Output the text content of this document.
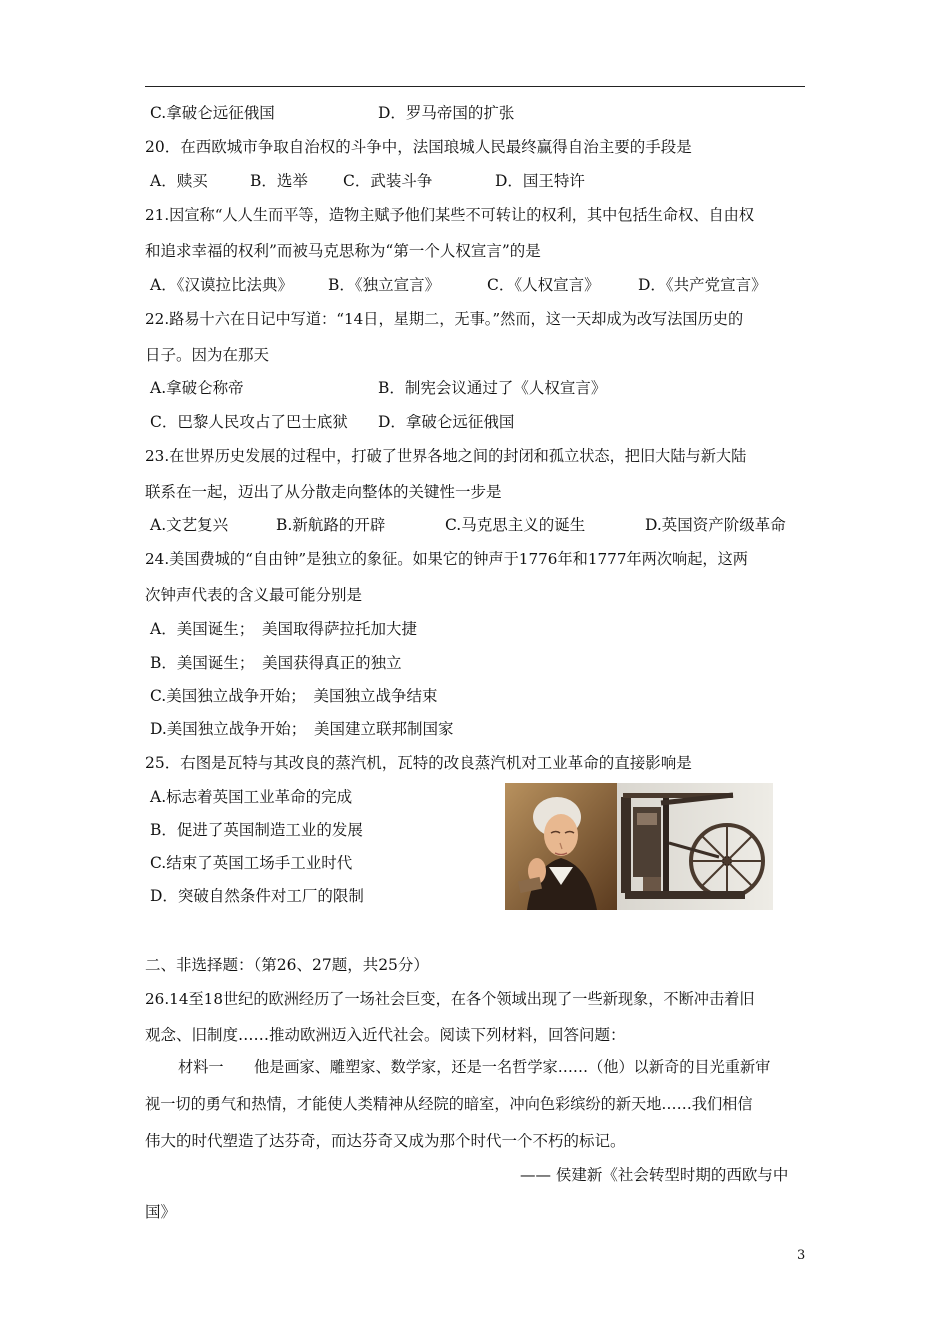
C.拿破仑远征俄国	D．罗马帝国的扩张
20．在西欧城市争取自治权的斗争中，法国琅城人民最终赢得自治主要的手段是
A．赎买	B．选举 C．武装斗争	D．国王特许
21.因宣称“人人生而平等，造物主赋予他们某些不可转让的权利，其中包括生命权、自由权
和追求幸福的权利”而被马克思称为“第一个人权宣言”的是
A．《汉谟拉比法典》 B．《独立宣言》	C．《人权宣言》 D．《共产党宣言》
22.路易十六在日记中写道：“14日，星期二，无事。”然而，这一天却成为改写法国历史的
日子。因为在那天
A.拿破仑称帝	B．制宪会议通过了《人权宣言》
C．巴黎人民攻占了巴士底狱 D．拿破仑远征俄国
23.在世界历史发展的过程中，打破了世界各地之间的封闭和孤立状态，把旧大陆与新大陆
联系在一起，迈出了从分散走向整体的关键性一步是
A.文艺复兴	B.新航路的开辟	C.马克思主义的诞生	D.英国资产阶级革命
24.美国费城的“自由钟”是独立的象征。如果它的钟声于1776年和1777年两次响起，这两
次钟声代表的含义最可能分别是
A．美国诞生；　美国取得萨拉托加大捷
B．美国诞生；　美国获得真正的独立
C.美国独立战争开始；　美国独立战争结束
D.美国独立战争开始；　美国建立联邦制国家
25．右图是瓦特与其改良的蒸汽机，瓦特的改良蒸汽机对工业革命的直接影响是
A.标志着英国工业革命的完成
B．促进了英国制造工业的发展
C.结束了英国工场手工业时代
D．突破自然条件对工厂的限制
二、非选择题：（第26、27题，共25分）
26.14至18世纪的欧洲经历了一场社会巨变，在各个领域出现了一些新现象，不断冲击着旧
观念、旧制度……推动欧洲迈入近代社会。阅读下列材料，回答问题：
材料一　　他是画家、雕塑家、数学家，还是一名哲学家……（他）以新奇的目光重新审
视一切的勇气和热情，才能使人类精神从经院的暗室，冲向色彩缤纷的新天地……我们相信
伟大的时代塑造了达芬奇，而达芬奇又成为那个时代一个不朽的标记。
—— 侯建新《社会转型时期的西欧与中
国》
3
